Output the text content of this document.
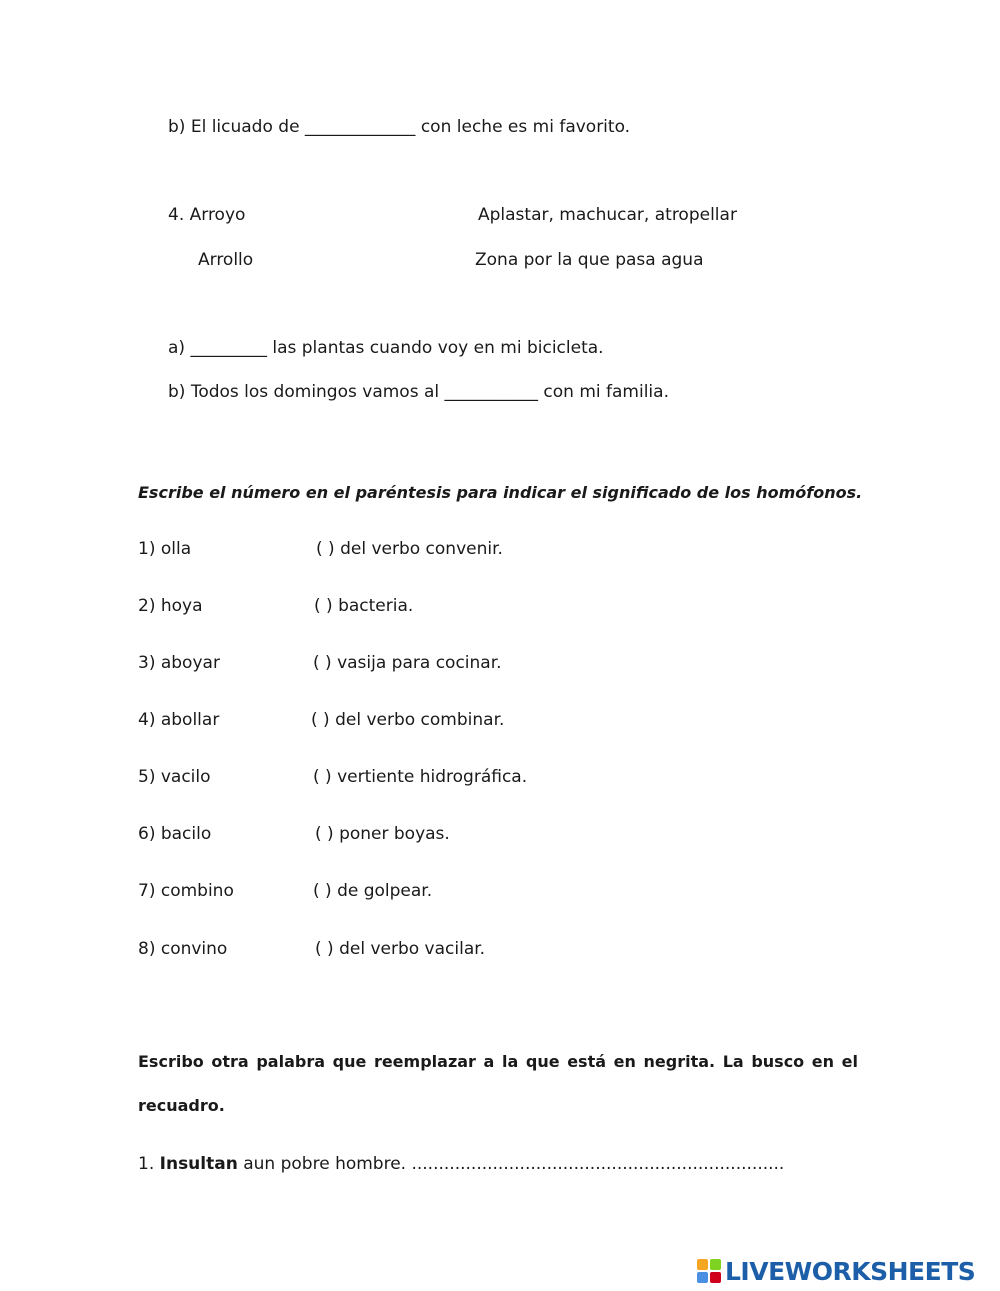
b) El licuado de _____________ con leche es mi favorito.
4. Arroyo	Aplastar, machucar, atropellar
Arrollo	Zona por la que pasa agua
a) _________ las plantas cuando voy en mi bicicleta.
b) Todos los domingos vamos al ___________ con mi familia.
Escribe el número en el paréntesis para indicar el significado de los homófonos.
1) olla	( ) del verbo convenir.
2) hoya	( ) bacteria.
3) aboyar	( ) vasija para cocinar.
4) abollar	( ) del verbo combinar.
5) vacilo	( ) vertiente hidrográfica.
6) bacilo	( ) poner boyas.
7) combino	( ) de golpear.
8) convino	( ) del verbo vacilar.
Escribo otra palabra que reemplazar a la que está en negrita. La busco en el
recuadro.
1. Insultan aun pobre hombre. .....................................................................
LIVEWORKSHEETS
